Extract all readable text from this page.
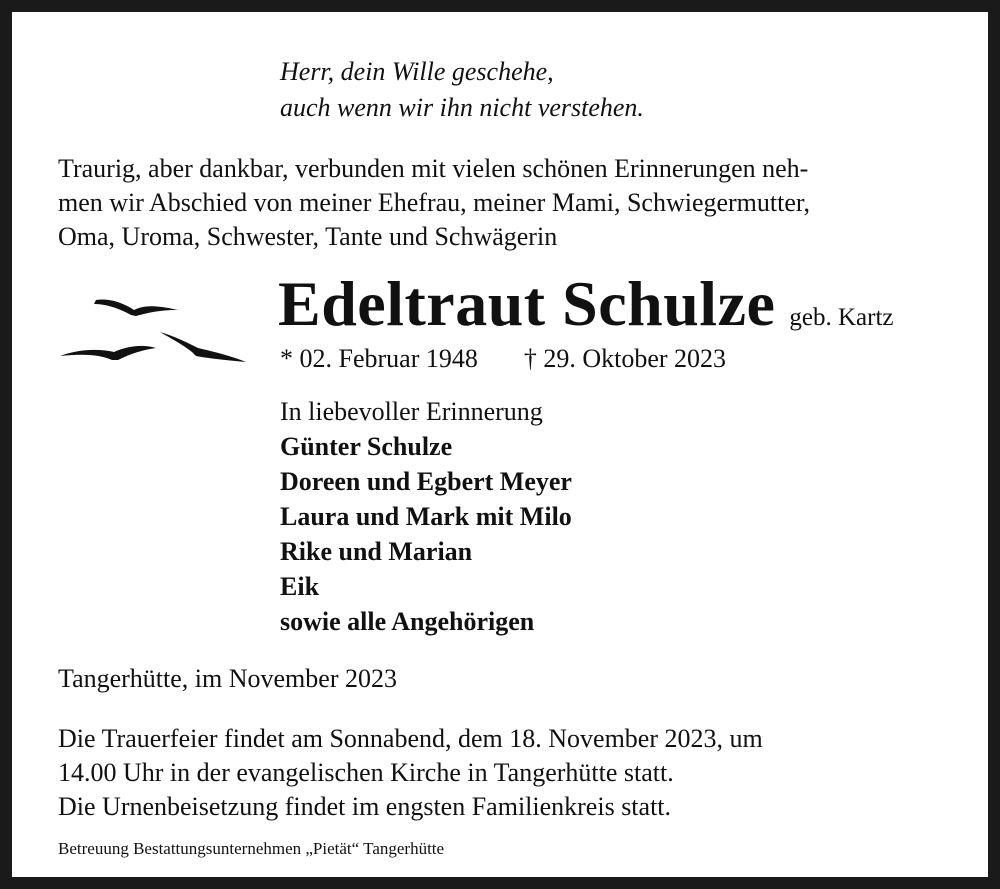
Herr, dein Wille geschehe,
auch wenn wir ihn nicht verstehen.
Traurig, aber dankbar, verbunden mit vielen schönen Erinnerungen neh-
men wir Abschied von meiner Ehefrau, meiner Mami, Schwiegermutter,
Oma, Uroma, Schwester, Tante und Schwägerin
Edeltraut Schulze geb. Kartz
* 02. Februar 1948 † 29. Oktober 2023
In liebevoller Erinnerung
Günter Schulze
Doreen und Egbert Meyer
Laura und Mark mit Milo
Rike und Marian
Eik
sowie alle Angehörigen
Tangerhütte, im November 2023
Die Trauerfeier findet am Sonnabend, dem 18. November 2023, um
14.00 Uhr in der evangelischen Kirche in Tangerhütte statt.
Die Urnenbeisetzung findet im engsten Familienkreis statt.
Betreuung Bestattungsunternehmen „Pietät“ Tangerhütte
